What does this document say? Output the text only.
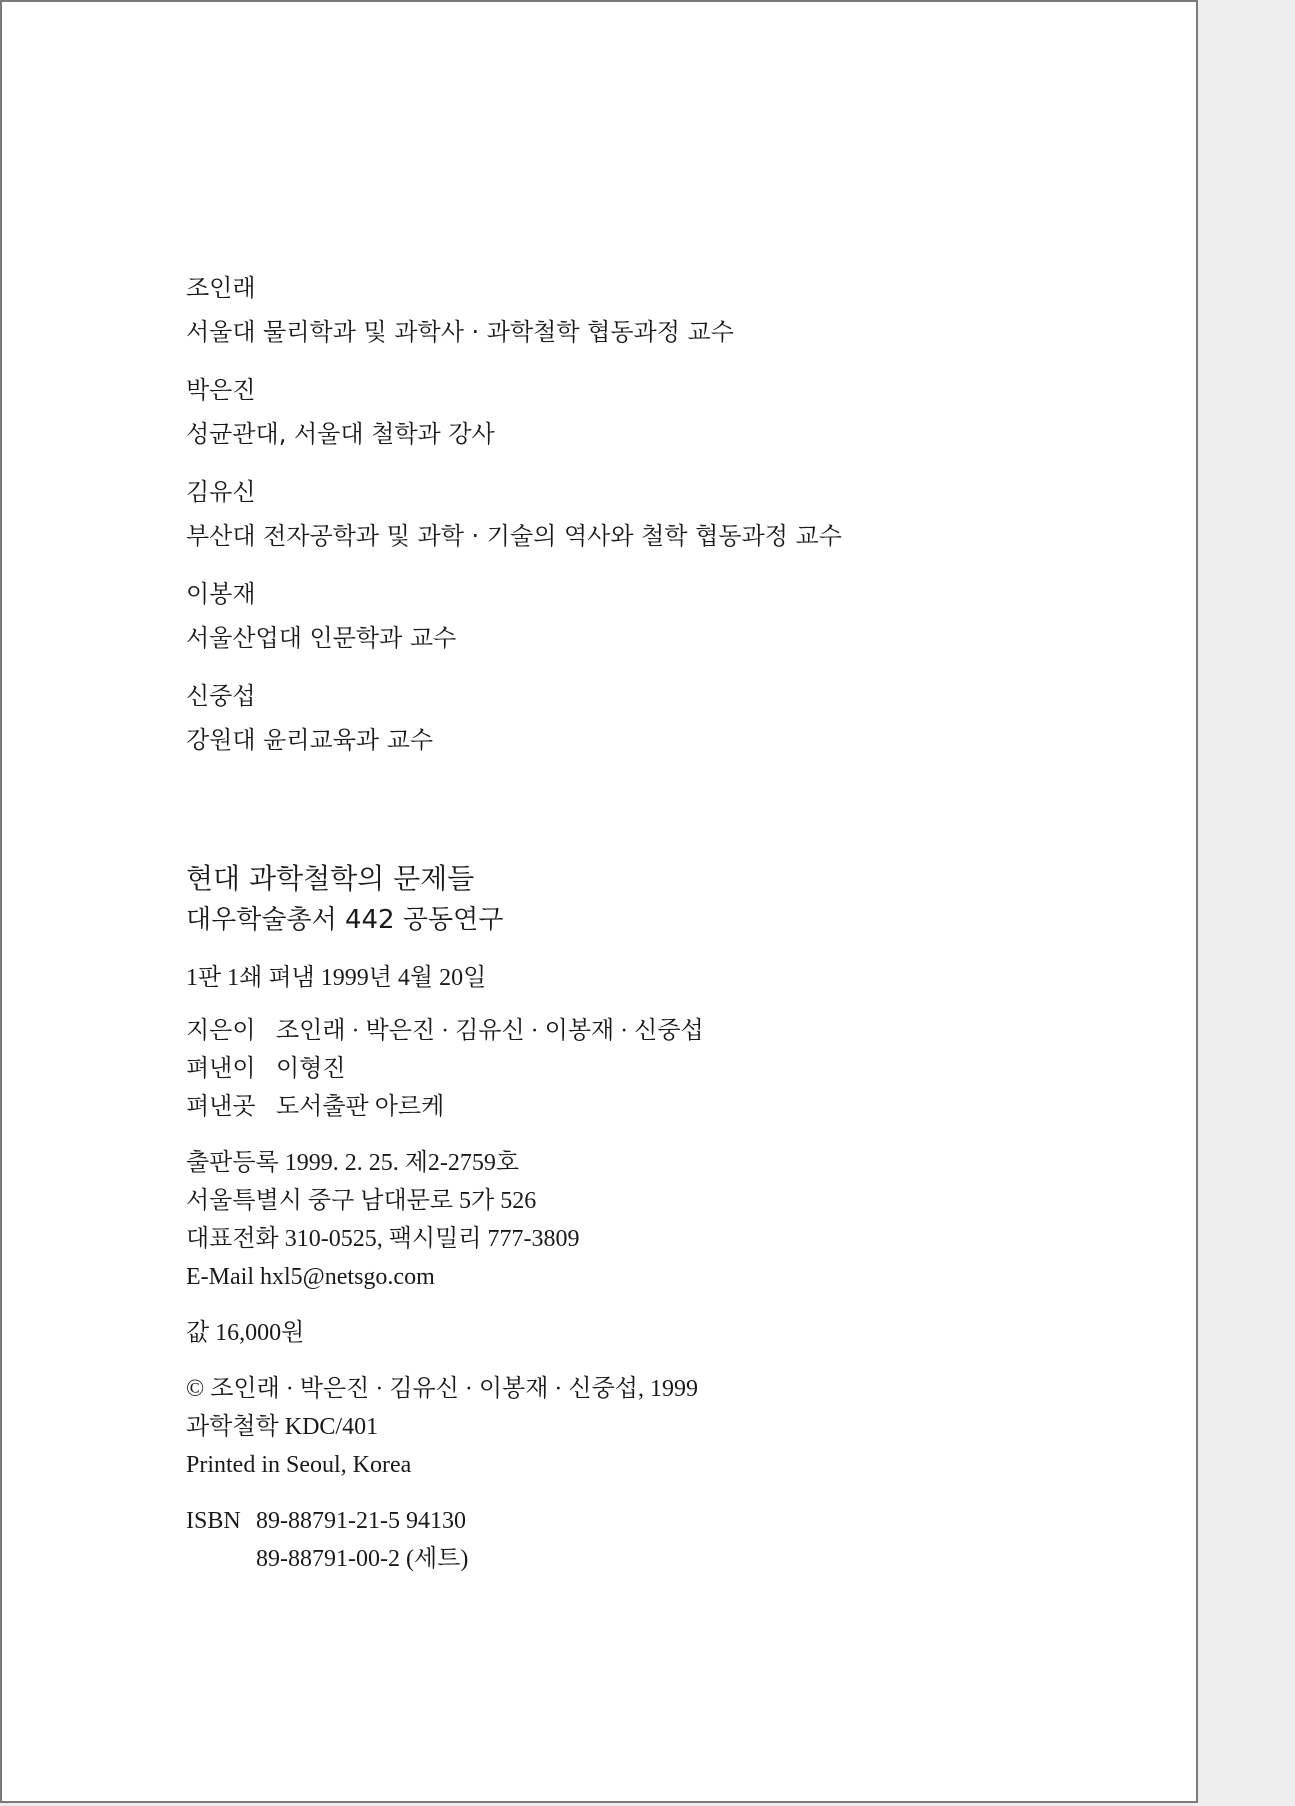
조인래
서울대 물리학과 및 과학사 · 과학철학 협동과정 교수
박은진
성균관대, 서울대 철학과 강사
김유신
부산대 전자공학과 및 과학 · 기술의 역사와 철학 협동과정 교수
이봉재
서울산업대 인문학과 교수
신중섭
강원대 윤리교육과 교수
현대 과학철학의 문제들
대우학술총서 442 공동연구
1판 1쇄 펴냄 1999년 4월 20일
지은이 조인래 · 박은진 · 김유신 · 이봉재 · 신중섭
펴낸이 이형진
펴낸곳 도서출판 아르케
출판등록 1999. 2. 25. 제2-2759호
서울특별시 중구 남대문로 5가 526
대표전화 310-0525, 팩시밀리 777-3809
E-Mail hxl5@netsgo.com
값 16,000원
© 조인래 · 박은진 · 김유신 · 이봉재 · 신중섭, 1999
과학철학 KDC/401
Printed in Seoul, Korea
ISBN 89-88791-21-5 94130
89-88791-00-2 (세트)
